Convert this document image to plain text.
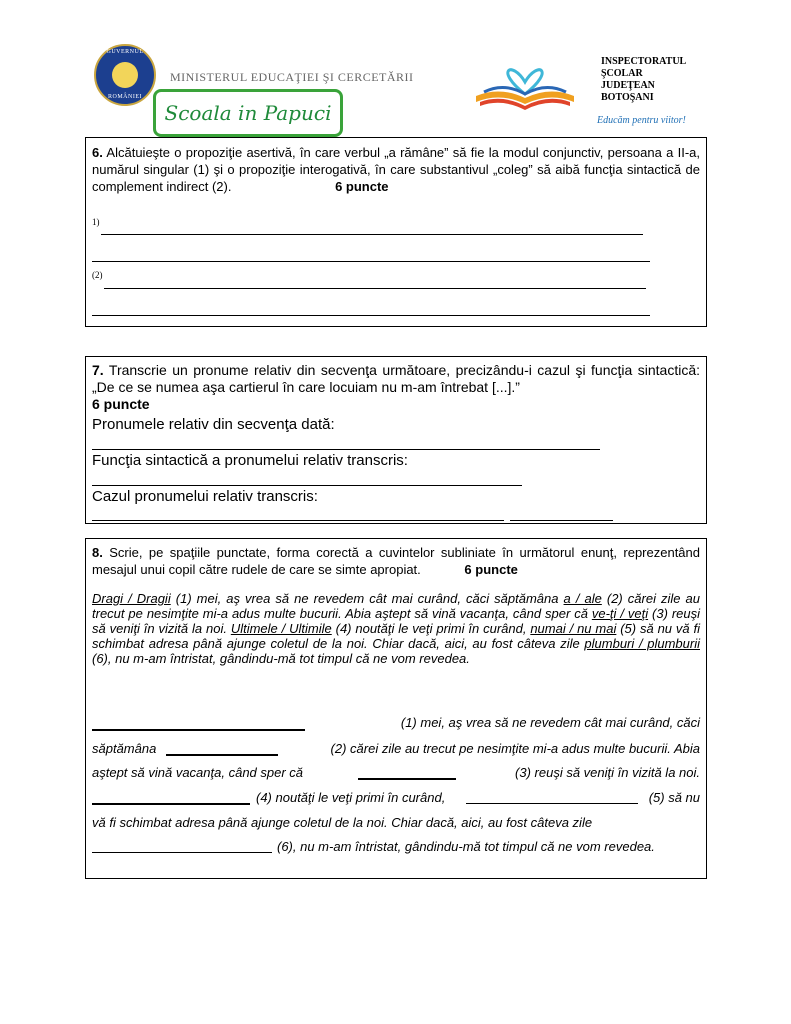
GUVERNUL
ROMÂNIEI
MINISTERUL EDUCAŢIEI ŞI CERCETĂRII
Scoala in Papuci
INSPECTORATUL
ŞCOLAR
JUDEŢEAN
BOTOŞANI
Educăm pentru viitor!
6. Alcătuieşte o propoziţie asertivă, în care verbul „a rămâne” să fie la modul conjunctiv, persoana a II-a, numărul singular (1) şi o propoziţie interogativă, în care substantivul „coleg” să aibă funcţia sintactică de complement indirect (2).	6 puncte
1)
(2)
7. Transcrie un pronume relativ din secvenţa următoare, precizându-i cazul şi funcţia sintactică: „De ce se numea aşa cartierul în care locuiam nu m-am întrebat [...].”
6 puncte
Pronumele relativ din secvenţa dată:
Funcţia sintactică a pronumelui relativ transcris:
Cazul pronumelui relativ transcris:
8. Scrie, pe spaţiile punctate, forma corectă a cuvintelor subliniate în următorul enunţ, reprezentând mesajul unui copil către rudele de care se simte apropiat.	6 puncte
Dragi / Dragii (1) mei, aş vrea să ne revedem cât mai curând, căci săptămâna a / ale (2) cărei zile au trecut pe nesimţite mi-a adus multe bucurii. Abia aştept să vină vacanţa, când sper că ve-ţi / veţi (3) reuşi să veniţi în vizită la noi. Ultimele / Ultimile (4) noutăţi le veţi primi în curând, numai / nu mai (5) să nu vă fi schimbat adresa până ajunge coletul de la noi. Chiar dacă, aici, au fost câteva zile plumburi / plumburii (6), nu m-am întristat, gândindu-mă tot timpul că ne vom revedea.
(1) mei, aş vrea să ne revedem cât mai curând, căci
săptămâna	(2) cărei zile au trecut pe nesimţite mi-a adus multe bucurii. Abia
aştept să vină vacanţa, când sper că	(3) reuşi să veniţi în vizită la noi.
(4) noutăţi le veţi primi în curând,	(5) să nu
vă fi schimbat adresa până ajunge coletul de la noi. Chiar dacă, aici, au fost câteva zile
(6), nu m-am întristat, gândindu-mă tot timpul că ne vom revedea.
